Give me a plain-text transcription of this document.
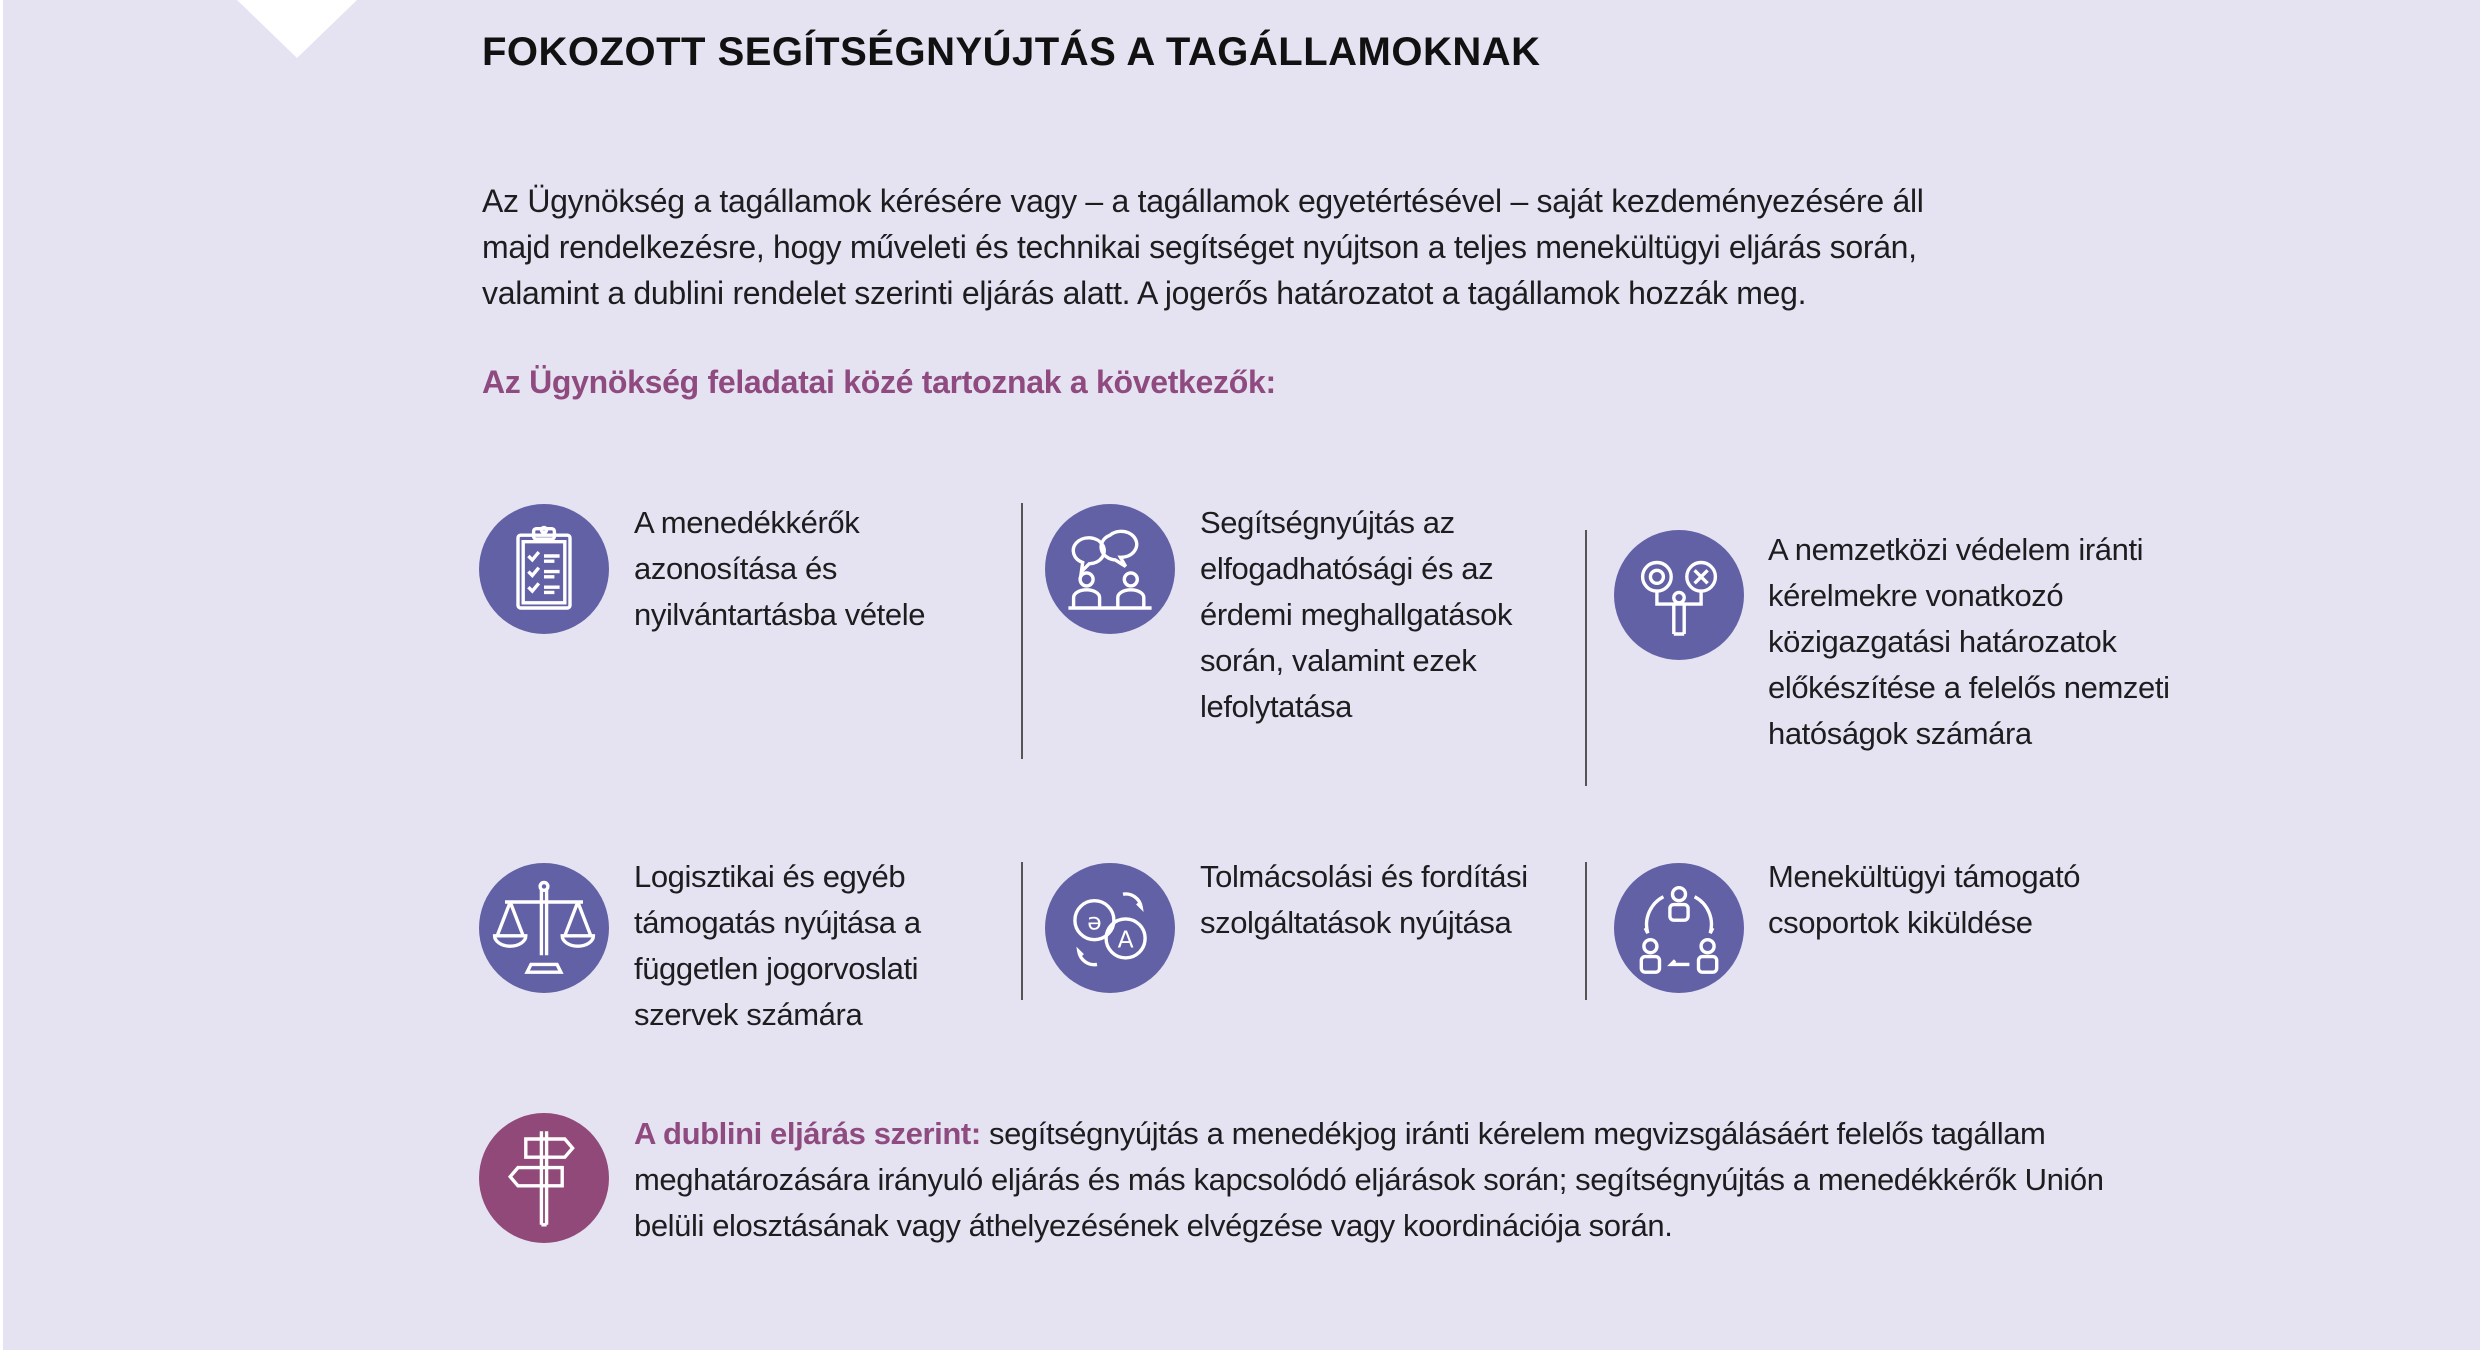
FOKOZOTT SEGÍTSÉGNYÚJTÁS A TAGÁLLAMOKNAK
Az Ügynökség a tagállamok kérésére vagy – a tagállamok egyetértésével – saját kezdeményezésére áll
majd rendelkezésre, hogy műveleti és technikai segítséget nyújtson a teljes menekültügyi eljárás során,
valamint a dublini rendelet szerinti eljárás alatt. A jogerős határozatot a tagállamok hozzák meg.
Az Ügynökség feladatai közé tartoznak a következők:
A menedékkérők
azonosítása és
nyilvántartásba vétele
Segítségnyújtás az
elfogadhatósági és az
érdemi meghallgatások
során, valamint ezek
lefolytatása
A nemzetközi védelem iránti
kérelmekre vonatkozó
közigazgatási határozatok
előkészítése a felelős nemzeti
hatóságok számára
Logisztikai és egyéb
támogatás nyújtása a
független jogorvoslati
szervek számára
ə
A
Tolmácsolási és fordítási
szolgáltatások nyújtása
Menekültügyi támogató
csoportok kiküldése
A dublini eljárás szerint: segítségnyújtás a menedékjog iránti kérelem megvizsgálásáért felelős tagállam
meghatározására irányuló eljárás és más kapcsolódó eljárások során; segítségnyújtás a menedékkérők Unión
belüli elosztásának vagy áthelyezésének elvégzése vagy koordinációja során.
